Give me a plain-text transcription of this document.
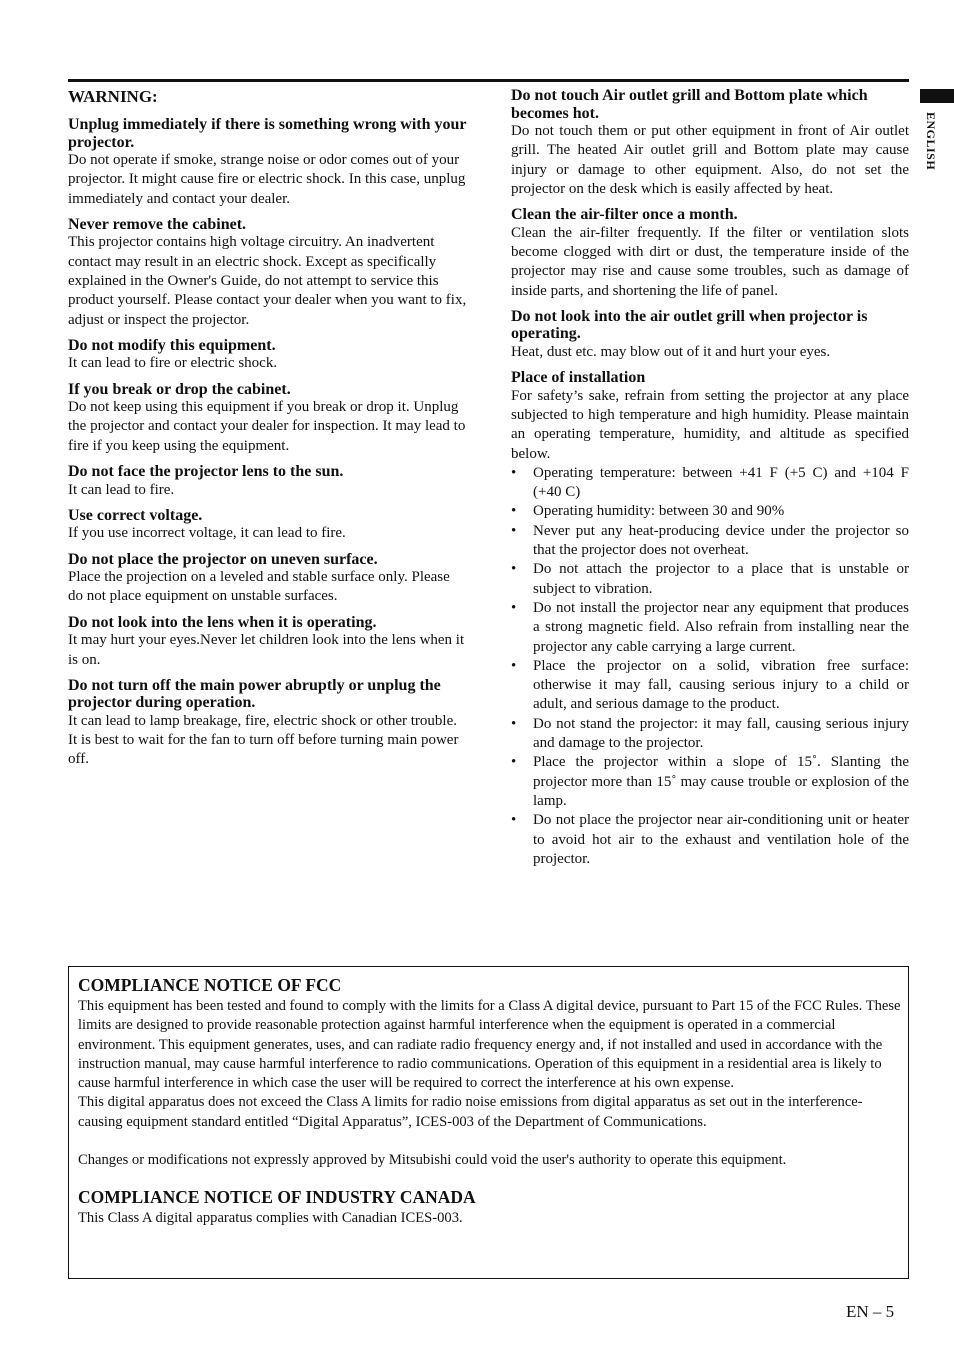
ENGLISH
WARNING:
Unplug immediately if there is something wrong with your projector.

Do not operate if smoke, strange noise or odor comes out of your projector. It might cause fire or electric shock. In this case, unplug immediately and contact your dealer.

Never remove the cabinet.

This projector contains high voltage circuitry. An inadvertent contact may result in an electric shock. Except as specifically explained in the Owner's Guide, do not attempt to service this product yourself. Please contact your dealer when you want to fix, adjust or inspect the projector.

Do not modify this equipment.

It can lead to fire or electric shock.

If you break or drop the cabinet.

Do not keep using this equipment if you break or drop it. Unplug the projector and contact your dealer for inspection. It may lead to fire if you keep using the equipment.

Do not face the projector lens to the sun.

It can lead to fire.

Use correct voltage.

If you use incorrect voltage, it can lead to fire.

Do not place the projector on uneven surface.

Place the projection on a leveled and stable surface only. Please do not place equipment on unstable surfaces.

Do not look into the lens when it is operating.

It may hurt your eyes.Never let children look into the lens when it is on.

Do not turn off the main power abruptly or unplug the projector during operation.

It can lead to lamp breakage, fire, electric shock or other trouble. It is best to wait for the fan to turn off before turning main power off.

Do not touch Air outlet grill and Bottom plate which becomes hot.

Do not touch them or put other equipment in front of Air outlet grill. The heated Air outlet grill and Bottom plate may cause injury or damage to other equipment. Also, do not set the projector on the desk which is easily affected by heat.

Clean the air-filter once a month.

Clean the air-filter frequently. If the filter or ventilation slots become clogged with dirt or dust, the temperature inside of the projector may rise and cause some troubles, such as damage of inside parts, and shortening the life of panel.

Do not look into the air outlet grill when projector is operating.

Heat, dust etc. may blow out of it and hurt your eyes.

Place of installation

For safety’s sake, refrain from setting the projector at any place subjected to high temperature and high humidity. Please maintain an operating temperature, humidity, and altitude as specified below.

• Operating temperature: between +41 F (+5 C) and +104 F (+40 C)
• Operating humidity: between 30 and 90%
• Never put any heat-producing device under the projector so that the projector does not overheat.
• Do not attach the projector to a place that is unstable or subject to vibration.
• Do not install the projector near any equipment that produces a strong magnetic field. Also refrain from installing near the projector any cable carrying a large current.
• Place the projector on a solid, vibration free surface: otherwise it may fall, causing serious injury to a child or adult, and serious damage to the product.
• Do not stand the projector: it may fall, causing serious injury and damage to the projector.
• Place the projector within a slope of 15˚. Slanting the projector more than 15˚ may cause trouble or explosion of the lamp.
• Do not place the projector near air-conditioning unit or heater to avoid hot air to the exhaust and ventilation hole of the projector.
COMPLIANCE NOTICE OF FCC

This equipment has been tested and found to comply with the limits for a Class A digital device, pursuant to Part 15 of the FCC Rules. These limits are designed to provide reasonable protection against harmful interference when the equipment is operated in a commercial environment. This equipment generates, uses, and can radiate radio frequency energy and, if not installed and used in accordance with the instruction manual, may cause harmful interference to radio communications. Operation of this equipment in a residential area is likely to cause harmful interference in which case the user will be required to correct the interference at his own expense.

This digital apparatus does not exceed the Class A limits for radio noise emissions from digital apparatus as set out in the interference-causing equipment standard entitled “Digital Apparatus”, ICES-003 of the Department of Communications.

Changes or modifications not expressly approved by Mitsubishi could void the user's authority to operate this equipment.

COMPLIANCE NOTICE OF INDUSTRY CANADA

This Class A digital apparatus complies with Canadian ICES-003.

EN – 5
